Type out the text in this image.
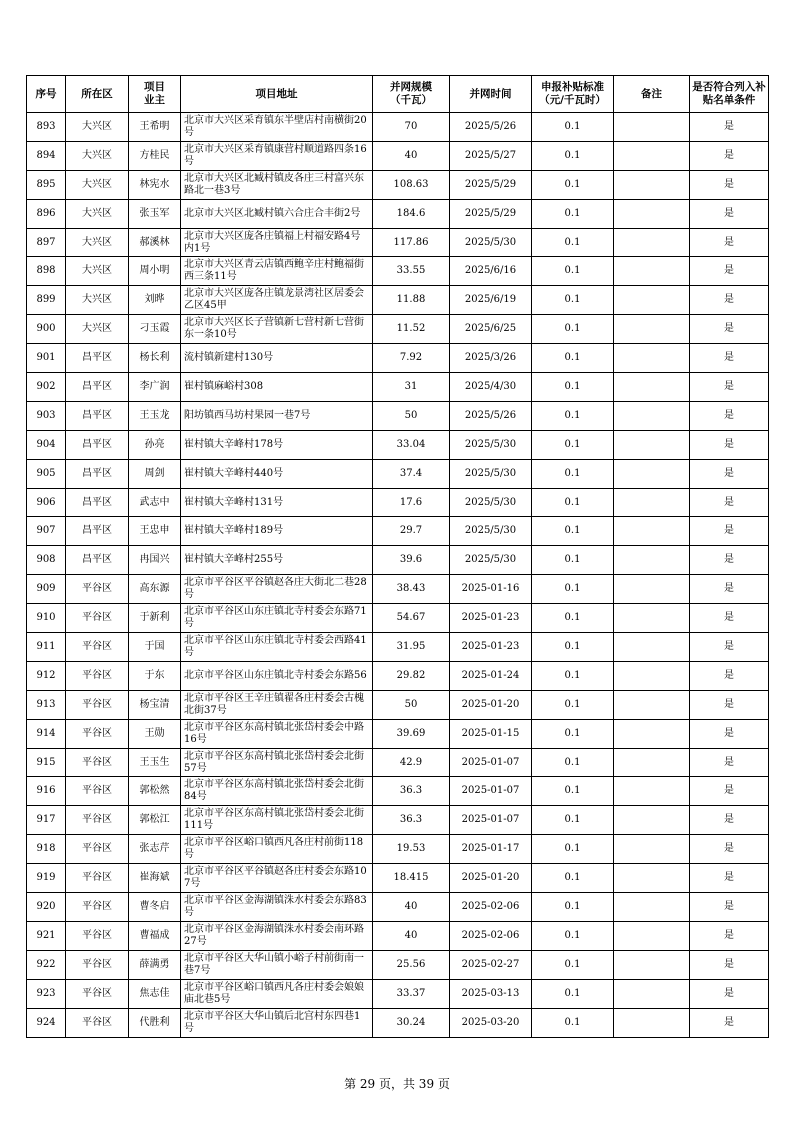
序号	所在区	项目业主	项目地址	并网规模（千瓦）	并网时间	申报补贴标准（元/千瓦时）	备注	是否符合列入补贴名单条件
893	大兴区	王希明	北京市大兴区采育镇东半壁店村南横街20号	70	2025/5/26	0.1		是
894	大兴区	方桂民	北京市大兴区采育镇康营村顺道路四条16号	40	2025/5/27	0.1		是
895	大兴区	林宪水	北京市大兴区北臧村镇皮各庄三村富兴东路北一巷3号	108.63	2025/5/29	0.1		是
896	大兴区	张玉军	北京市大兴区北臧村镇六合庄合丰街2号	184.6	2025/5/29	0.1		是
897	大兴区	郝溪林	北京市大兴区庞各庄镇福上村福安路4号内1号	117.86	2025/5/30	0.1		是
898	大兴区	周小明	北京市大兴区青云店镇西鲍辛庄村鲍福街西三条11号	33.55	2025/6/16	0.1		是
899	大兴区	刘晔	北京市大兴区庞各庄镇龙景湾社区居委会乙区45甲	11.88	2025/6/19	0.1		是
900	大兴区	刁玉霞	北京市大兴区长子营镇新七营村新七营街东一条10号	11.52	2025/6/25	0.1		是
901	昌平区	杨长利	流村镇新建村130号	7.92	2025/3/26	0.1		是
902	昌平区	李广润	崔村镇麻峪村308	31	2025/4/30	0.1		是
903	昌平区	王玉龙	阳坊镇西马坊村果园一巷7号	50	2025/5/26	0.1		是
904	昌平区	孙亮	崔村镇大辛峰村178号	33.04	2025/5/30	0.1		是
905	昌平区	周剑	崔村镇大辛峰村440号	37.4	2025/5/30	0.1		是
906	昌平区	武志中	崔村镇大辛峰村131号	17.6	2025/5/30	0.1		是
907	昌平区	王忠申	崔村镇大辛峰村189号	29.7	2025/5/30	0.1		是
908	昌平区	冉国兴	崔村镇大辛峰村255号	39.6	2025/5/30	0.1		是
909	平谷区	高东源	北京市平谷区平谷镇赵各庄大街北二巷28号	38.43	2025-01-16	0.1		是
910	平谷区	于新利	北京市平谷区山东庄镇北寺村委会东路71号	54.67	2025-01-23	0.1		是
911	平谷区	于国	北京市平谷区山东庄镇北寺村委会西路41号	31.95	2025-01-23	0.1		是
912	平谷区	于东	北京市平谷区山东庄镇北寺村委会东路56	29.82	2025-01-24	0.1		是
913	平谷区	杨宝清	北京市平谷区王辛庄镇翟各庄村委会古槐北街37号	50	2025-01-20	0.1		是
914	平谷区	王勋	北京市平谷区东高村镇北张岱村委会中路16号	39.69	2025-01-15	0.1		是
915	平谷区	王玉生	北京市平谷区东高村镇北张岱村委会北街57号	42.9	2025-01-07	0.1		是
916	平谷区	郭松然	北京市平谷区东高村镇北张岱村委会北街84号	36.3	2025-01-07	0.1		是
917	平谷区	郭松江	北京市平谷区东高村镇北张岱村委会北街111号	36.3	2025-01-07	0.1		是
918	平谷区	张志芹	北京市平谷区峪口镇西凡各庄村前街118号	19.53	2025-01-17	0.1		是
919	平谷区	崔海斌	北京市平谷区平谷镇赵各庄村委会东路107号	18.415	2025-01-20	0.1		是
920	平谷区	曹冬启	北京市平谷区金海湖镇洙水村委会东路83号	40	2025-02-06	0.1		是
921	平谷区	曹福成	北京市平谷区金海湖镇洙水村委会南环路27号	40	2025-02-06	0.1		是
922	平谷区	薛满勇	北京市平谷区大华山镇小峪子村前街南一巷7号	25.56	2025-02-27	0.1		是
923	平谷区	焦志佳	北京市平谷区峪口镇西凡各庄村委会娘娘庙北巷5号	33.37	2025-03-13	0.1		是
924	平谷区	代胜利	北京市平谷区大华山镇后北宫村东四巷1号	30.24	2025-03-20	0.1		是
第 29 页，共 39 页
